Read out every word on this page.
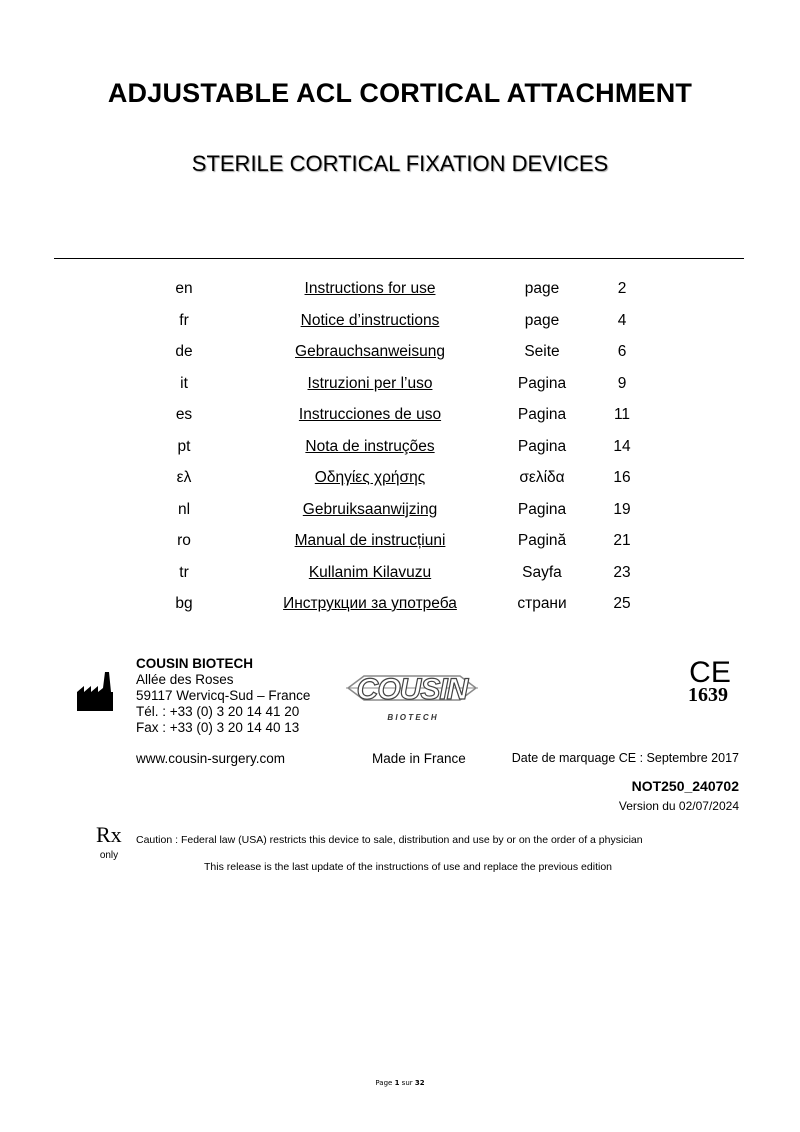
ADJUSTABLE ACL CORTICAL ATTACHMENT
STERILE CORTICAL FIXATION DEVICES
en	Instructions for use	page	2
fr	Notice d’instructions	page	4
de	Gebrauchsanweisung	Seite	6
it	Istruzioni per l’uso	Pagina	9
es	Instrucciones de uso	Pagina	11
pt	Nota de instruções	Pagina	14
ελ	Οδηγίες χρήσης	σελίδα	16
nl	Gebruiksaanwijzing	Pagina	19
ro	Manual de instrucțiuni	Pagină	21
tr	Kullanim Kilavuzu	Sayfa	23
bg	Инструкции за употреба	страни	25
COUSIN BIOTECH
Allée des Roses
59117 Wervicq-Sud – France
Tél. : +33 (0) 3 20 14 41 20
Fax : +33 (0) 3 20 14 40 13
COUSIN
B I O T E C H
CE
1639
www.cousin-surgery.com	Made in France	Date de marquage CE : Septembre 2017
NOT250_240702
Version du 02/07/2024
Rx
only
Caution : Federal law (USA) restricts this device to sale, distribution and use by or on the order of a physician
This release is the last update of the instructions of use and replace the previous edition
Page 1 sur 32
